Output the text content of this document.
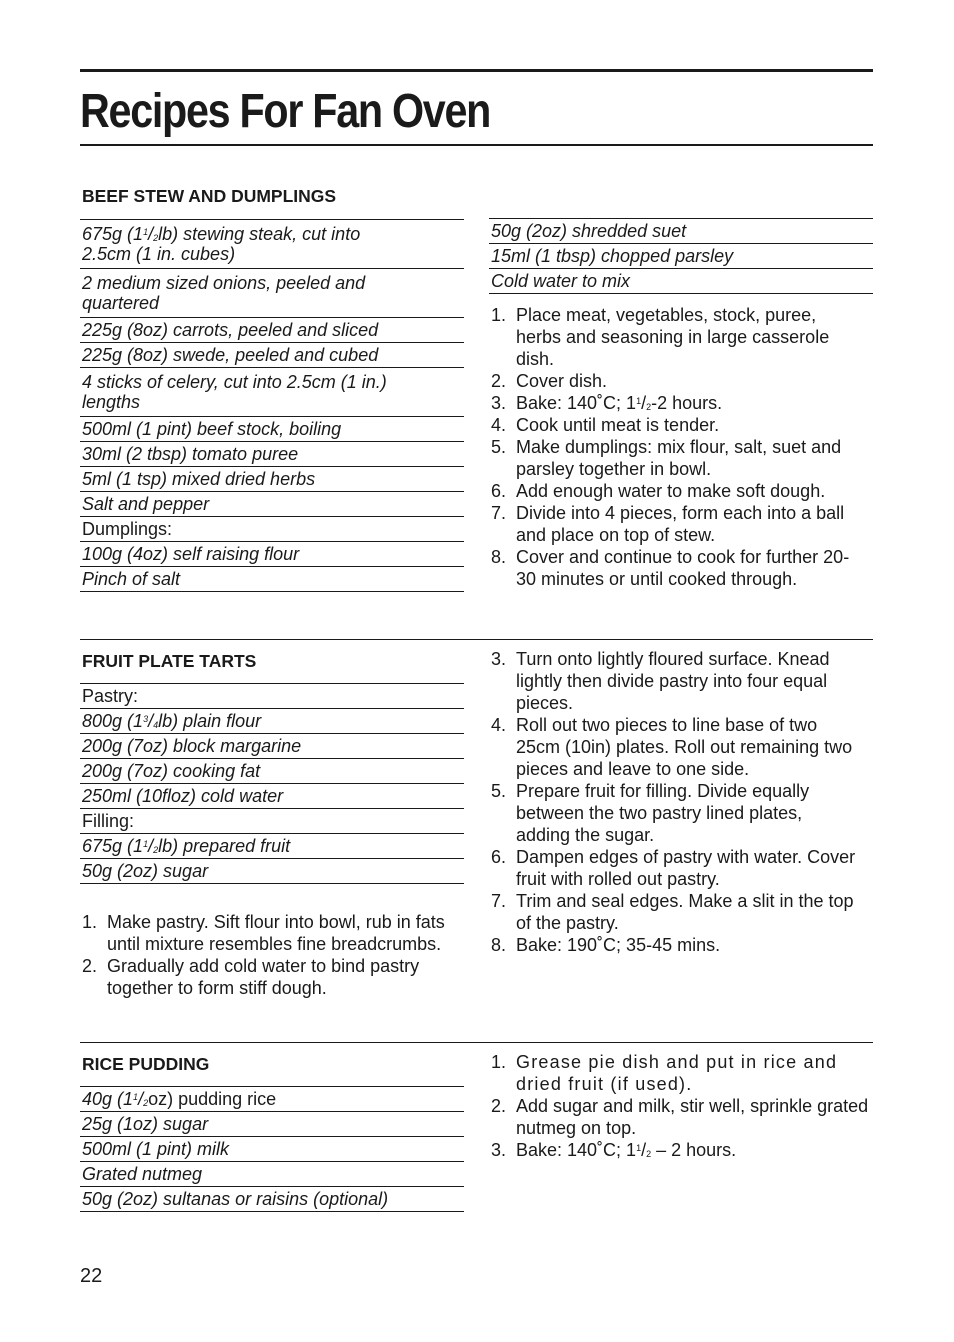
Recipes For Fan Oven
BEEF STEW AND DUMPLINGS
675g $(1^1/_2lb)$ stewing steak, cut into
2.5cm (1 in. cubes)
2 medium sized onions, peeled and
quartered
225g (8oz) carrots, peeled and sliced
225g (8oz) swede, peeled and cubed
4 sticks of celery, cut into 2.5cm (1 in.)
lengths
500ml (1 pint) beef stock, boiling
30ml (2 tbsp) tomato puree
5ml (1 tsp) mixed dried herbs
Salt and pepper
Dumplings:
100g (4oz) self raising flour
Pinch of salt
50g (2oz) shredded suet
15ml (1 tbsp) chopped parsley
Cold water to mix
1. Place meat, vegetables, stock, puree, herbs and seasoning in large casserole dish.
2. Cover dish.
3. Bake: 140˚C; $1^1/_2-2$ hours.
4. Cook until meat is tender.
5. Make dumplings: mix flour, salt, suet and parsley together in bowl.
6. Add enough water to make soft dough.
7. Divide into 4 pieces, form each into a ball and place on top of stew.
8. Cover and continue to cook for further 20-30 minutes or until cooked through.
FRUIT PLATE TARTS
Pastry:
800g $(1^3/_4lb)$ plain flour
200g (7oz) block margarine
200g (7oz) cooking fat
250ml (10floz) cold water
Filling:
675g $(1^1/_2lb)$ prepared fruit
50g (2oz) sugar
1. Make pastry. Sift flour into bowl, rub in fats until mixture resembles fine breadcrumbs.
2. Gradually add cold water to bind pastry together to form stiff dough.
3. Turn onto lightly floured surface. Knead lightly then divide pastry into four equal pieces.
4. Roll out two pieces to line base of two 25cm (10in) plates. Roll out remaining two pieces and leave to one side.
5. Prepare fruit for filling. Divide equally between the two pastry lined plates, adding the sugar.
6. Dampen edges of pastry with water. Cover fruit with rolled out pastry.
7. Trim and seal edges. Make a slit in the top of the pastry.
8. Bake: 190˚C; 35-45 mins.
RICE PUDDING
40g $(1^1/_2oz)$ pudding rice
25g (1oz) sugar
500ml (1 pint) milk
Grated nutmeg
50g (2oz) sultanas or raisins (optional)
1. Grease pie dish and put in rice and dried fruit (if used).
2. Add sugar and milk, stir well, sprinkle grated nutmeg on top.
3. Bake: 140˚C; $1^1/_2 - 2$ hours.
22
